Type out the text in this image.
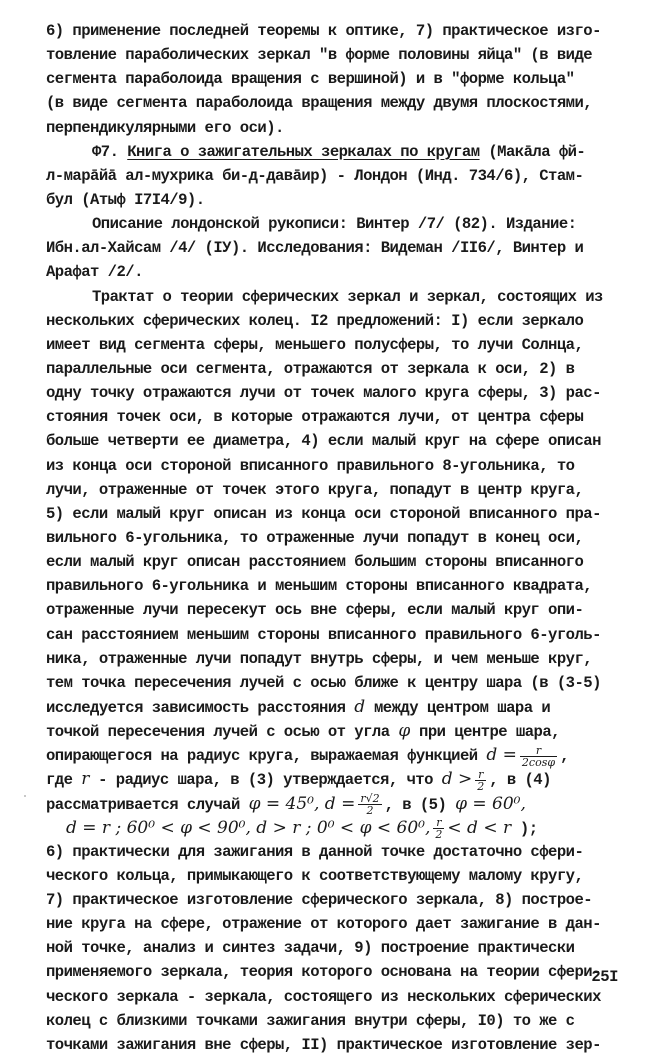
6) применение последней теоремы к оптике, 7) практическое изго-
товление параболических зеркал "в форме половины яйца" (в виде
сегмента параболоида вращения с вершиной) и в "форме кольца"
(в виде сегмента параболоида вращения между двумя плоскостями,
перпендикулярными его оси).
Ф7. Книга о зажигательных зеркалах по кругам (Макāла фй-
л-марāйā ал-мухрика би-д-давāир) - Лондон (Инд. 734/6), Стам-
бул (Атыф I7I4/9).
Описание лондонской рукописи: Винтер /7/ (82). Издание:
Ибн.ал-Хайсам /4/ (IУ). Исследования: Видеман /II6/, Винтер и
Арафат /2/.
Трактат о теории сферических зеркал и зеркал, состоящих из
нескольких сферических колец. I2 предложений: I) если зеркало
имеет вид сегмента сферы, меньшего полусферы, то лучи Солнца,
параллельные оси сегмента, отражаются от зеркала к оси, 2) в
одну точку отражаются лучи от точек малого круга сферы, 3) рас-
стояния точек оси, в которые отражаются лучи, от центра сферы
больше четверти ее диаметра, 4) если малый круг на сфере описан
из конца оси стороной вписанного правильного 8-угольника, то
лучи, отраженные от точек этого круга, попадут в центр круга,
5) если малый круг описан из конца оси стороной вписанного пра-
вильного 6-угольника, то отраженные лучи попадут в конец оси,
если малый круг описан расстоянием большим стороны вписанного
правильного 6-угольника и меньшим стороны вписанного квадрата,
отраженные лучи пересекут ось вне сферы, если малый круг опи-
сан расстоянием меньшим стороны вписанного правильного 6-уголь-
ника, отраженные лучи попадут внутрь сферы, и чем меньше круг,
тем точка пересечения лучей с осью ближе к центру шара (в (3-5)
исследуется зависимость расстояния d между центром шара и
точкой пересечения лучей с осью от угла φ при центре шара,
опирающегося на радиус круга, выражаемая функцией $d = \frac{r}{2\cos\varphi}$ ,
где r - радиус шара, в (3) утверждается, что $d > \frac{r}{2}$ , в (4)
рассматривается случай φ = 45⁰, $d = \frac{r√2}{2}$ , в (5) φ = 60⁰,
d = r ; 60⁰ < φ < 90⁰, d > r ; 0⁰ < φ < 60⁰, $\frac{r}{2} < d < r$ );
6) практически для зажигания в данной точке достаточно сфери-
ческого кольца, примыкающего к соответствующему малому кругу,
7) практическое изготовление сферического зеркала, 8) построе-
ние круга на сфере, отражение от которого дает зажигание в дан-
ной точке, анализ и синтез задачи, 9) построение практически
применяемого зеркала, теория которого основана на теории сфери-
ческого зеркала - зеркала, состоящего из нескольких сферических
колец с близкими точками зажигания внутри сферы, I0) то же с
точками зажигания вне сферы, II) практическое изготовление зер-
25I
